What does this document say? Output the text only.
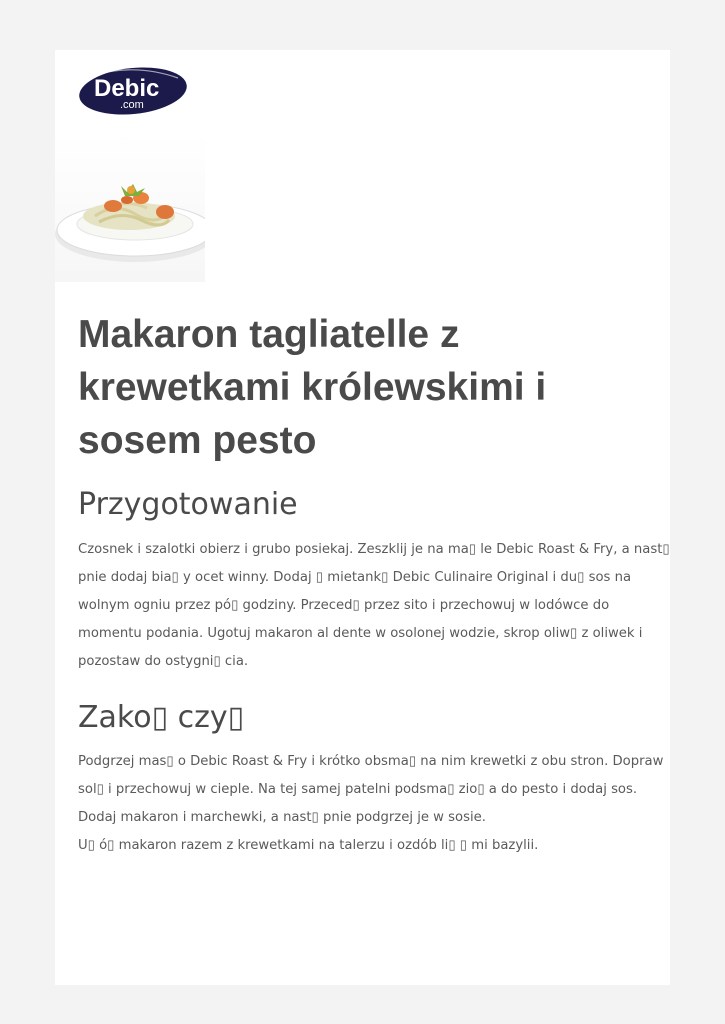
Debic
.com
Makaron tagliatelle z krewetkami królewskimi i sosem pesto
Przygotowanie

Czosnek i szalotki obierz i grubo posiekaj. Zeszklij je na ma▯ le Debic Roast & Fry, a nast▯ pnie dodaj bia▯ y ocet winny. Dodaj ▯ mietank▯ Debic Culinaire Original i du▯ sos na wolnym ogniu przez pó▯ godziny. Przeced▯ przez sito i przechowuj w lodówce do momentu podania. Ugotuj makaron al dente w osolonej wodzie, skrop oliw▯ z oliwek i pozostaw do ostygni▯ cia.

Zako▯ czy▯

Podgrzej mas▯ o Debic Roast & Fry i krótko obsma▯ na nim krewetki z obu stron. Dopraw sol▯ i przechowuj w cieple. Na tej samej patelni podsma▯ zio▯ a do pesto i dodaj sos.
Dodaj makaron i marchewki, a nast▯ pnie podgrzej je w sosie.
U▯ ó▯ makaron razem z krewetkami na talerzu i ozdób li▯ ▯ mi bazylii.
